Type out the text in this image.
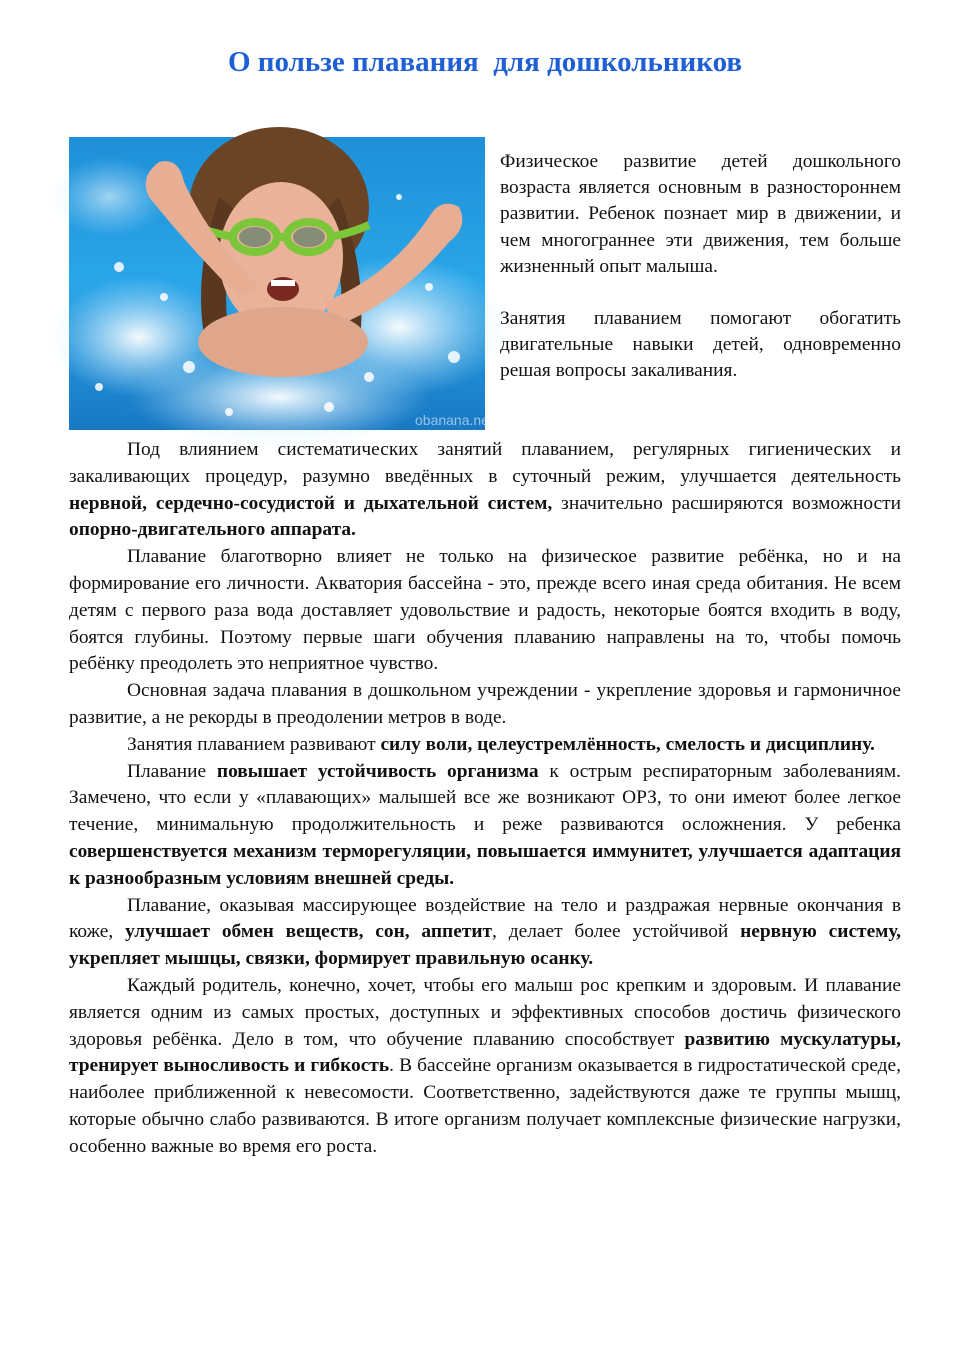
О пользе плавания  для дошкольников
obanana.net

Физическое развитие детей дошкольного возраста является основным в разностороннем развитии. Ребенок познает мир в движении, и чем многограннее эти движения, тем больше жизненный опыт малыша.

Занятия плаванием помогают обогатить двигательные навыки детей, одновременно решая вопросы закаливания.

Под влиянием систематических занятий плаванием, регулярных гигиенических и закаливающих процедур, разумно введённых в суточный режим, улучшается деятельность нервной, сердечно-сосудистой и дыхательной систем, значительно расширяются возможности опорно-двигательного аппарата.

Плавание благотворно влияет не только на физическое развитие ребёнка, но и на формирование его личности. Акватория бассейна - это, прежде всего иная среда обитания. Не всем детям с первого раза вода доставляет удовольствие и радость, некоторые боятся входить в воду, боятся глубины. Поэтому первые шаги обучения плаванию направлены на то, чтобы помочь ребёнку преодолеть это неприятное чувство.

Основная задача плавания в дошкольном учреждении - укрепление здоровья и гармоничное развитие, а не рекорды в преодолении метров в воде.

Занятия плаванием развивают силу воли, целеустремлённость, смелость и дисциплину.

Плавание повышает устойчивость организма к острым респираторным заболеваниям. Замечено, что если у «плавающих» малышей все же возникают ОРЗ, то они имеют более легкое течение, минимальную продолжительность и реже развиваются осложнения. У ребенка совершенствуется механизм терморегуляции, повышается иммунитет, улучшается адаптация к разнообразным условиям внешней среды.

Плавание, оказывая массирующее воздействие на тело и раздражая нервные окончания в коже, улучшает обмен веществ, сон, аппетит, делает более устойчивой нервную систему, укрепляет мышцы, связки, формирует правильную осанку.

Каждый родитель, конечно, хочет, чтобы его малыш рос крепким и здоровым. И плавание является одним из самых простых, доступных и эффективных способов достичь физического здоровья ребёнка. Дело в том, что обучение плаванию способствует развитию мускулатуры, тренирует выносливость и гибкость. В бассейне организм оказывается в гидростатической среде, наиболее приближенной к невесомости. Соответственно, задействуются даже те группы мышц, которые обычно слабо развиваются. В итоге организм получает комплексные физические нагрузки, особенно важные во время его роста.
